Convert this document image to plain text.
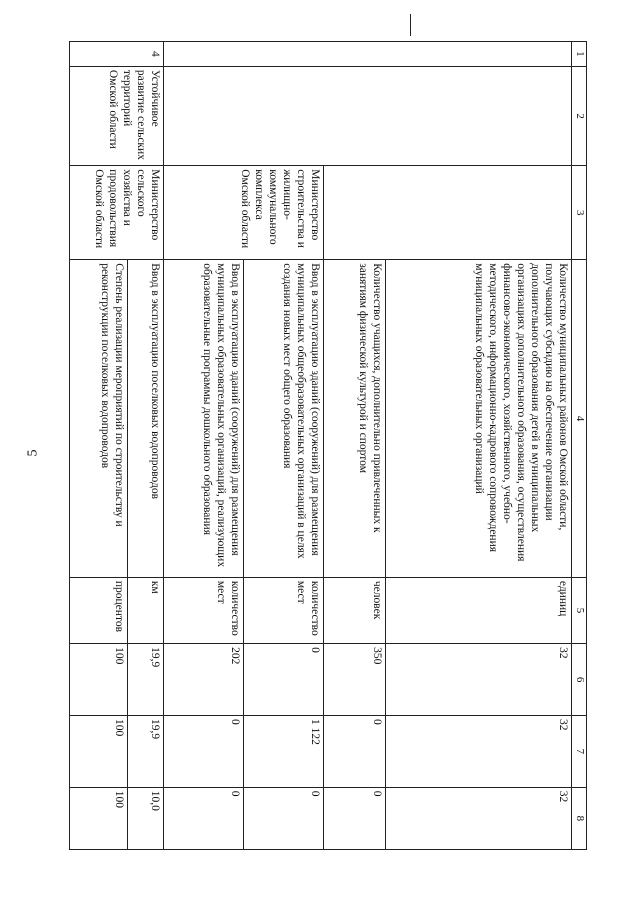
5
1	2	3	4	5	6	7	8
			Количество муниципальных районов Омской области, получающих субсидию на обеспечение организации дополнительного образования детей в муниципальных организациях дополнительного образования, осуществления финансово-экономического, хозяйственного, учебно-методического, информационно-кадрового сопровождения муниципальных образовательных организаций	единиц	32	32	32
			Количество учащихся, дополнительно привлеченных к занятиям физической культурой и спортом	человек	350	0	0
		Министерство строительства и жилищно-коммунального комплекса Омской области	Ввод в эксплуатацию зданий (сооружений) для размещения муниципальных общеобразовательных организаций в целях создания новых мест общего образования	количество мест	0	1 122	0
			Ввод в эксплуатацию зданий (сооружений) для размещения муниципальных образовательных организаций, реализующих образовательные программы дошкольного образования	количество мест	202	0	0
4	Устойчивое развитие сельских территорий Омской области	Министерство сельского хозяйства и продовольствия Омской области	Ввод в эксплуатацию поселковых водопроводов	км	19,9	19,9	10,0
			Степень реализации мероприятий по строительству и реконструкции поселковых водопроводов	процентов	100	100	100
